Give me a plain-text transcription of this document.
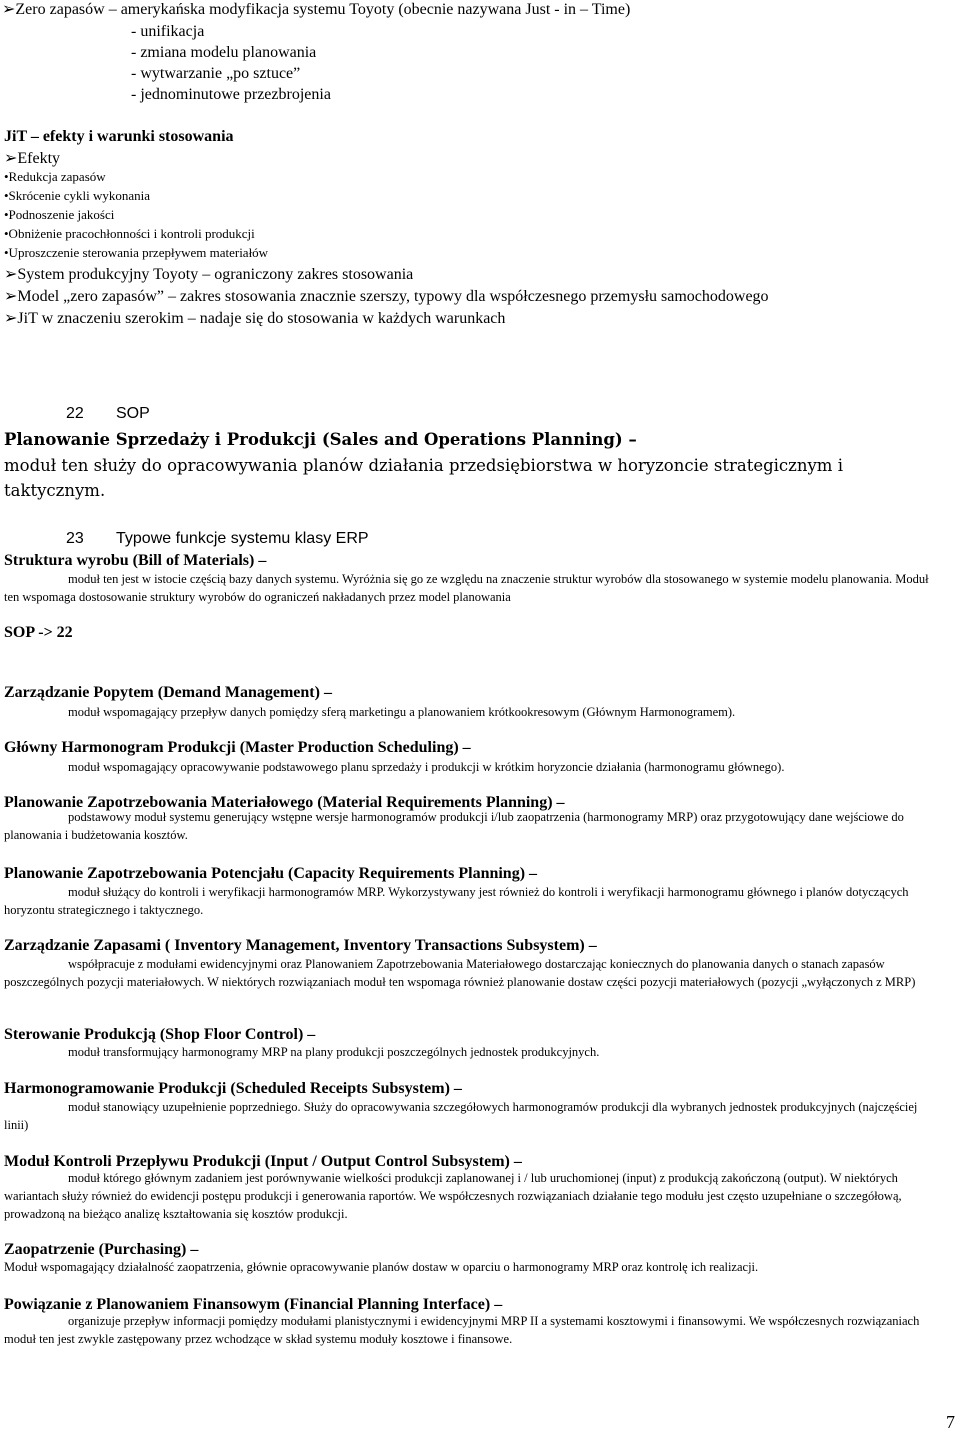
➢Zero zapasów – amerykańska modyfikacja systemu Toyoty (obecnie nazywana Just - in – Time)
- unifikacja
- zmiana modelu planowania
- wytwarzanie „po sztuce”
- jednominutowe przezbrojenia
JiT – efekty i warunki stosowania
➢Efekty
•Redukcja zapasów
•Skrócenie cykli wykonania
•Podnoszenie jakości
•Obniżenie pracochłonności i kontroli produkcji
•Uproszczenie sterowania przepływem materiałów
➢System produkcyjny Toyoty – ograniczony zakres stosowania
➢Model „zero zapasów” – zakres stosowania znacznie szerszy, typowy dla współczesnego przemysłu samochodowego
➢JiT w znaczeniu szerokim – nadaje się do stosowania w każdych warunkach
22 SOP
Planowanie Sprzedaży i Produkcji (Sales and Operations Planning) –
moduł ten służy do opracowywania planów działania przedsiębiorstwa w horyzoncie strategicznym i taktycznym.
23 Typowe funkcje systemu klasy ERP
Struktura wyrobu (Bill of Materials) –
moduł ten jest w istocie częścią bazy danych systemu. Wyróżnia się go ze względu na znaczenie struktur wyrobów dla stosowanego w systemie modelu planowania. Moduł ten wspomaga dostosowanie struktury wyrobów do ograniczeń nakładanych przez model planowania
SOP -> 22
Zarządzanie Popytem (Demand Management) –
moduł wspomagający przepływ danych pomiędzy sferą marketingu a planowaniem krótkookresowym (Głównym Harmonogramem).
Główny Harmonogram Produkcji (Master Production Scheduling) –
moduł wspomagający opracowywanie podstawowego planu sprzedaży i produkcji w krótkim horyzoncie działania (harmonogramu głównego).
Planowanie Zapotrzebowania Materiałowego (Material Requirements Planning) –
podstawowy moduł systemu generujący wstępne wersje harmonogramów produkcji i/lub zaopatrzenia (harmonogramy MRP) oraz przygotowujący dane wejściowe do planowania i budżetowania kosztów.
Planowanie Zapotrzebowania Potencjału (Capacity Requirements Planning) –
moduł służący do kontroli i weryfikacji harmonogramów MRP. Wykorzystywany jest również do kontroli i weryfikacji harmonogramu głównego i planów dotyczących horyzontu strategicznego i taktycznego.
Zarządzanie Zapasami ( Inventory Management, Inventory Transactions Subsystem) –
współpracuje z modułami ewidencyjnymi oraz Planowaniem Zapotrzebowania Materiałowego dostarczając koniecznych do planowania danych o stanach zapasów poszczególnych pozycji materiałowych. W niektórych rozwiązaniach moduł ten wspomaga również planowanie dostaw części pozycji materiałowych (pozycji „wyłączonych z MRP)
Sterowanie Produkcją (Shop Floor Control) –
moduł transformujący harmonogramy MRP na plany produkcji poszczególnych jednostek produkcyjnych.
Harmonogramowanie Produkcji (Scheduled Receipts Subsystem) –
moduł stanowiący uzupełnienie poprzedniego. Służy do opracowywania szczegółowych harmonogramów produkcji dla wybranych jednostek produkcyjnych (najczęściej linii)
Moduł Kontroli Przepływu Produkcji (Input / Output Control Subsystem) –
moduł którego głównym zadaniem jest porównywanie wielkości produkcji zaplanowanej i / lub uruchomionej (input) z produkcją zakończoną (output). W niektórych wariantach służy również do ewidencji postępu produkcji i generowania raportów. We współczesnych rozwiązaniach działanie tego modułu jest często uzupełniane o szczegółową, prowadzoną na bieżąco analizę kształtowania się kosztów produkcji.
Zaopatrzenie (Purchasing) –
Moduł wspomagający działalność zaopatrzenia, głównie opracowywanie planów dostaw w oparciu o harmonogramy MRP oraz kontrolę ich realizacji.
Powiązanie z Planowaniem Finansowym (Financial Planning Interface) –
organizuje przepływ informacji pomiędzy modułami planistycznymi i ewidencyjnymi MRP II a systemami kosztowymi i finansowymi. We współczesnych rozwiązaniach moduł ten jest zwykle zastępowany przez wchodzące w skład systemu moduły kosztowe i finansowe.
7
